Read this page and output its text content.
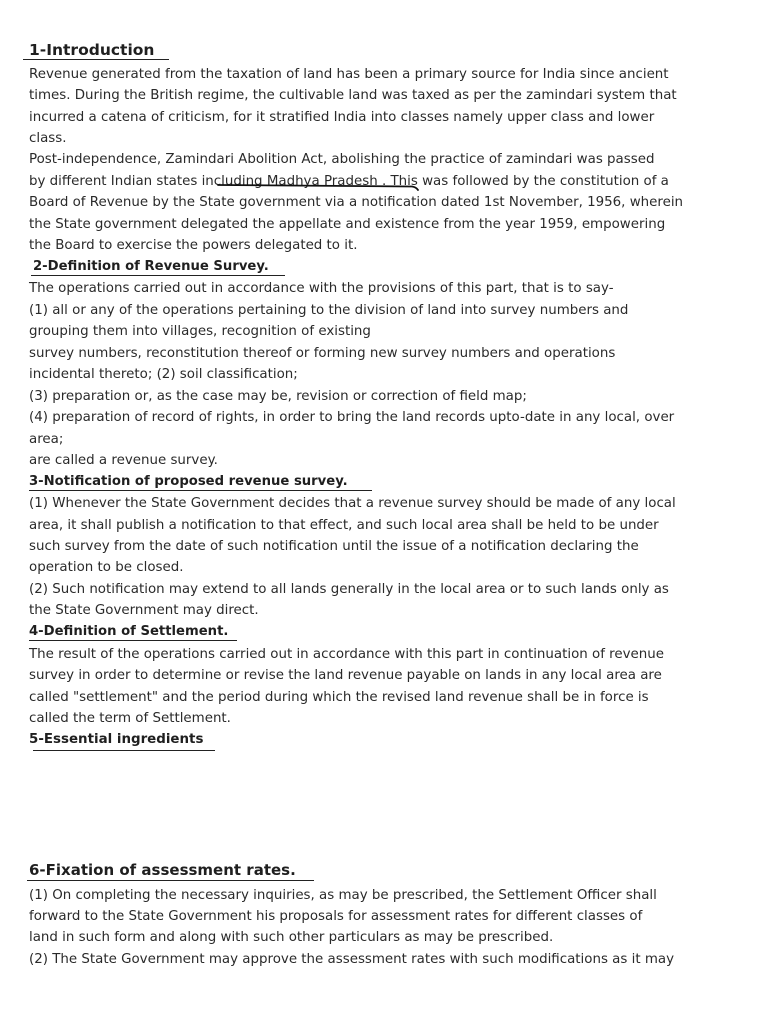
1-Introduction

Revenue generated from the taxation of land has been a primary source for India since ancient

times. During the British regime, the cultivable land was taxed as per the zamindari system that

incurred a catena of criticism, for it stratified India into classes namely upper class and lower

class.

Post-independence, Zamindari Abolition Act, abolishing the practice of zamindari was passed

by different Indian states including Madhya Pradesh . This was followed by the constitution of a

Board of Revenue by the State government via a notification dated 1st November, 1956, wherein

the State government delegated the appellate and existence from the year 1959, empowering

the Board to exercise the powers delegated to it.

2-Definition of Revenue Survey.

The operations carried out in accordance with the provisions of this part, that is to say-

(1) all or any of the operations pertaining to the division of land into survey numbers and

grouping them into villages, recognition of existing

survey numbers, reconstitution thereof or forming new survey numbers and operations

incidental thereto; (2) soil classification;

(3) preparation or, as the case may be, revision or correction of field map;

(4) preparation of record of rights, in order to bring the land records upto-date in any local, over

area;

are called a revenue survey.

3-Notification of proposed revenue survey.

(1) Whenever the State Government decides that a revenue survey should be made of any local

area, it shall publish a notification to that effect, and such local area shall be held to be under

such survey from the date of such notification until the issue of a notification declaring the

operation to be closed.

(2) Such notification may extend to all lands generally in the local area or to such lands only as

the State Government may direct.

4-Definition of Settlement.

The result of the operations carried out in accordance with this part in continuation of revenue

survey in order to determine or revise the land revenue payable on lands in any local area are

called "settlement" and the period during which the revised land revenue shall be in force is

called the term of Settlement.

5-Essential ingredients
6-Fixation of assessment rates.

(1) On completing the necessary inquiries, as may be prescribed, the Settlement Officer shall

forward to the State Government his proposals for assessment rates for different classes of

land in such form and along with such other particulars as may be prescribed.

(2) The State Government may approve the assessment rates with such modifications as it may
